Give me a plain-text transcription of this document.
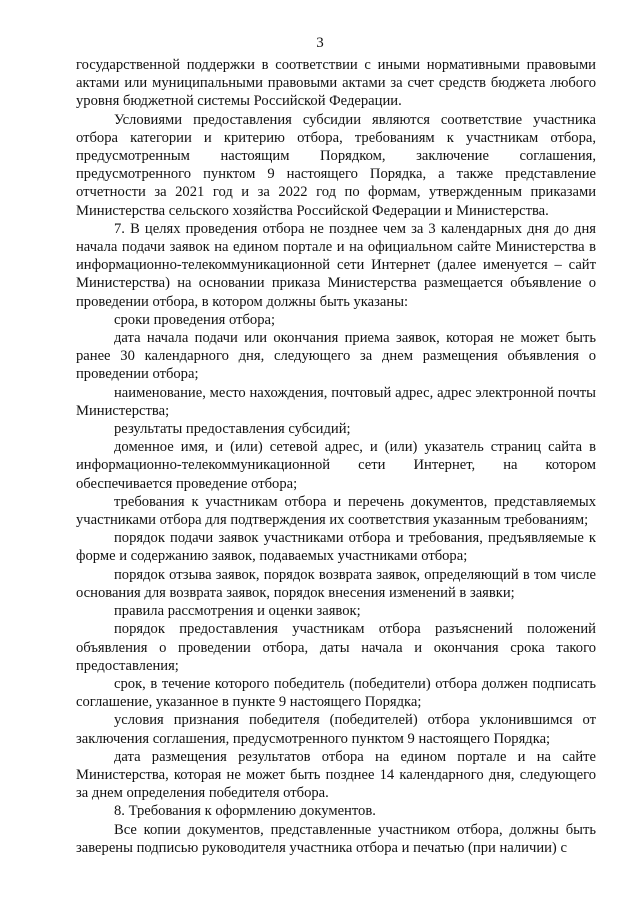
3

государственной поддержки в соответствии с иными нормативными правовыми актами или муниципальными правовыми актами за счет средств бюджета любого уровня бюджетной системы Российской Федерации.

Условиями предоставления субсидии являются соответствие участника отбора категории и критерию отбора, требованиям к участникам отбора, предусмотренным настоящим Порядком, заключение соглашения, предусмотренного пунктом 9 настоящего Порядка, а также представление отчетности за 2021 год и за 2022 год по формам, утвержденным приказами Министерства сельского хозяйства Российской Федерации и Министерства.

7. В целях проведения отбора не позднее чем за 3 календарных дня до дня начала подачи заявок на едином портале и на официальном сайте Министерства в информационно-телекоммуникационной сети Интернет (далее именуется – сайт Министерства) на основании приказа Министерства размещается объявление о проведении отбора, в котором должны быть указаны:

сроки проведения отбора;

дата начала подачи или окончания приема заявок, которая не может быть ранее 30 календарного дня, следующего за днем размещения объявления о проведении отбора;

наименование, место нахождения, почтовый адрес, адрес электронной почты Министерства;

результаты предоставления субсидий;

доменное имя, и (или) сетевой адрес, и (или) указатель страниц сайта в информационно-телекоммуникационной сети Интернет, на котором обеспечивается проведение отбора;

требования к участникам отбора и перечень документов, представляемых участниками отбора для подтверждения их соответствия указанным требованиям;

порядок подачи заявок участниками отбора и требования, предъявляемые к форме и содержанию заявок, подаваемых участниками отбора;

порядок отзыва заявок, порядок возврата заявок, определяющий в том числе основания для возврата заявок, порядок внесения изменений в заявки;

правила рассмотрения и оценки заявок;

порядок предоставления участникам отбора разъяснений положений объявления о проведении отбора, даты начала и окончания срока такого предоставления;

срок, в течение которого победитель (победители) отбора должен подписать соглашение, указанное в пункте 9 настоящего Порядка;

условия признания победителя (победителей) отбора уклонившимся от заключения соглашения, предусмотренного пунктом 9 настоящего Порядка;

дата размещения результатов отбора на едином портале и на сайте Министерства, которая не может быть позднее 14 календарного дня, следующего за днем определения победителя отбора.

8. Требования к оформлению документов.

Все копии документов, представленные участником отбора, должны быть заверены подписью руководителя участника отбора и печатью (при наличии) с
